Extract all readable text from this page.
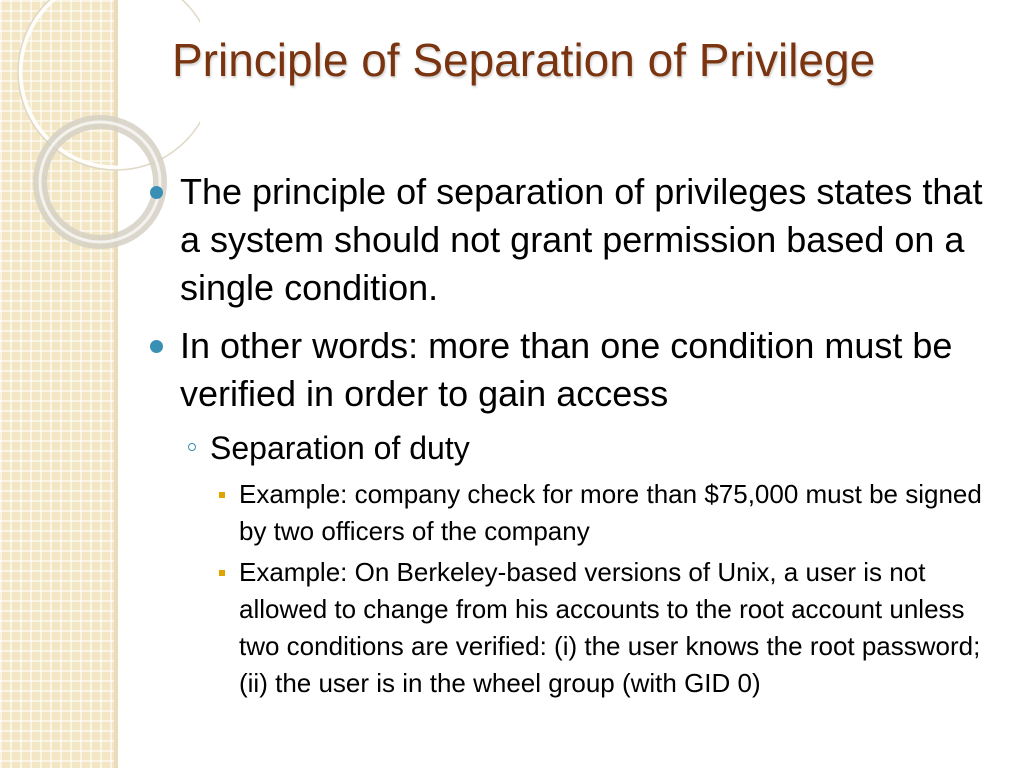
Principle of Separation of Privilege
The principle of separation of privileges states that a system should not grant permission based on a single condition.
In other words: more than one condition must be verified in order to gain access
Separation of duty
Example: company check for more than $75,000 must be signed by two officers of the company
Example: On Berkeley-based versions of Unix, a user is not allowed to change from his accounts to the root account unless two conditions are verified: (i) the user knows the root password; (ii) the user is in the wheel group (with GID 0)
